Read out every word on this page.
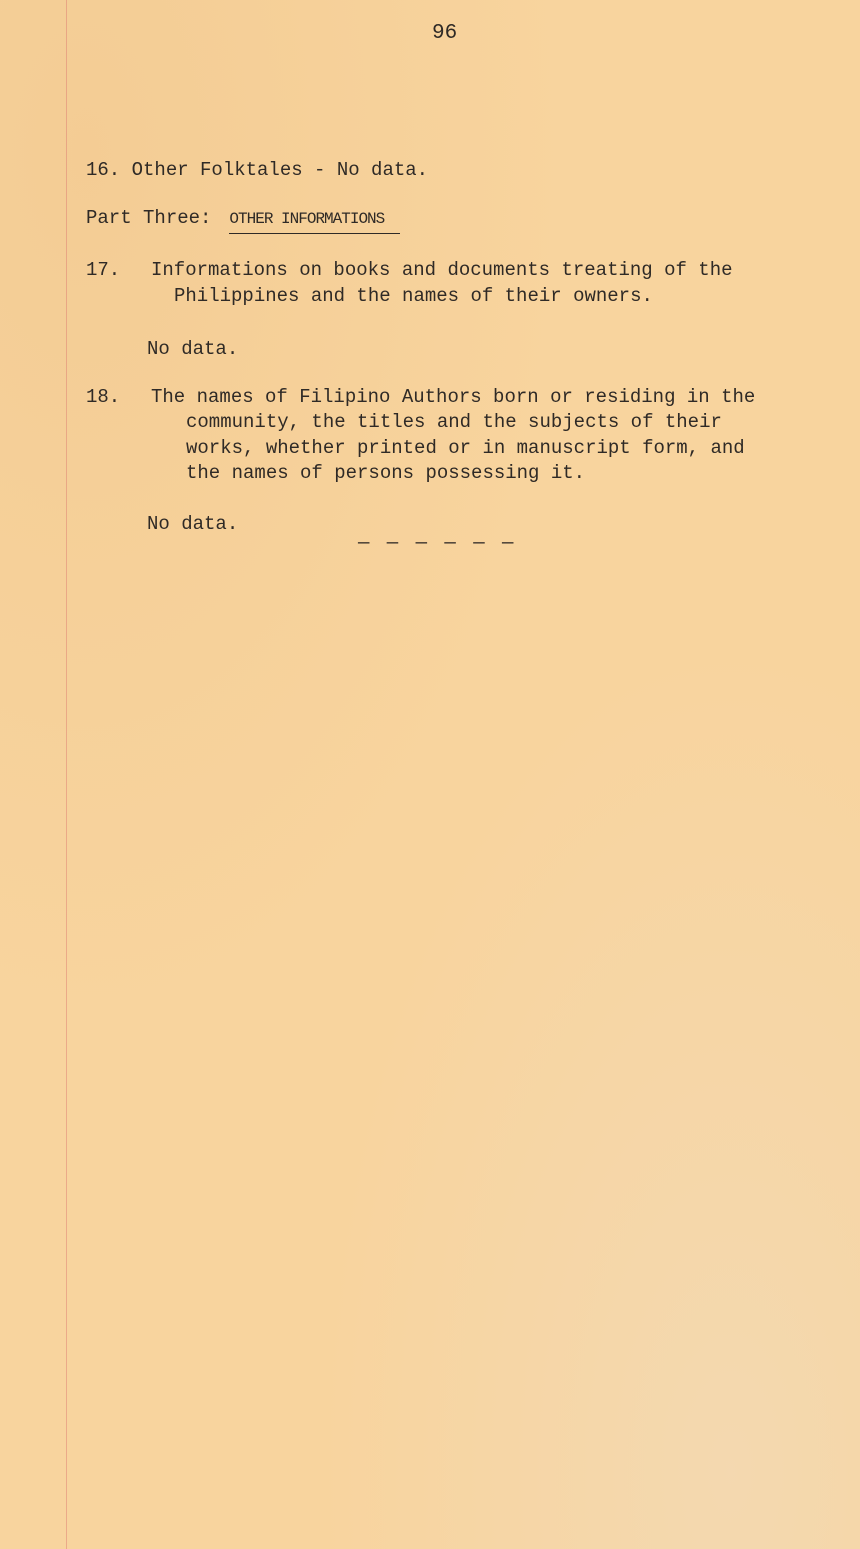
96
16. Other Folktales - No data.
Part Three: OTHER INFORMATIONS
17. Informations on books and documents treating of the
Philippines and the names of their owners.
No data.
18. The names of Filipino Authors born or residing in the
community, the titles and the subjects of their
works, whether printed or in manuscript form, and
the names of persons possessing it.
No data.
— — — — — —
